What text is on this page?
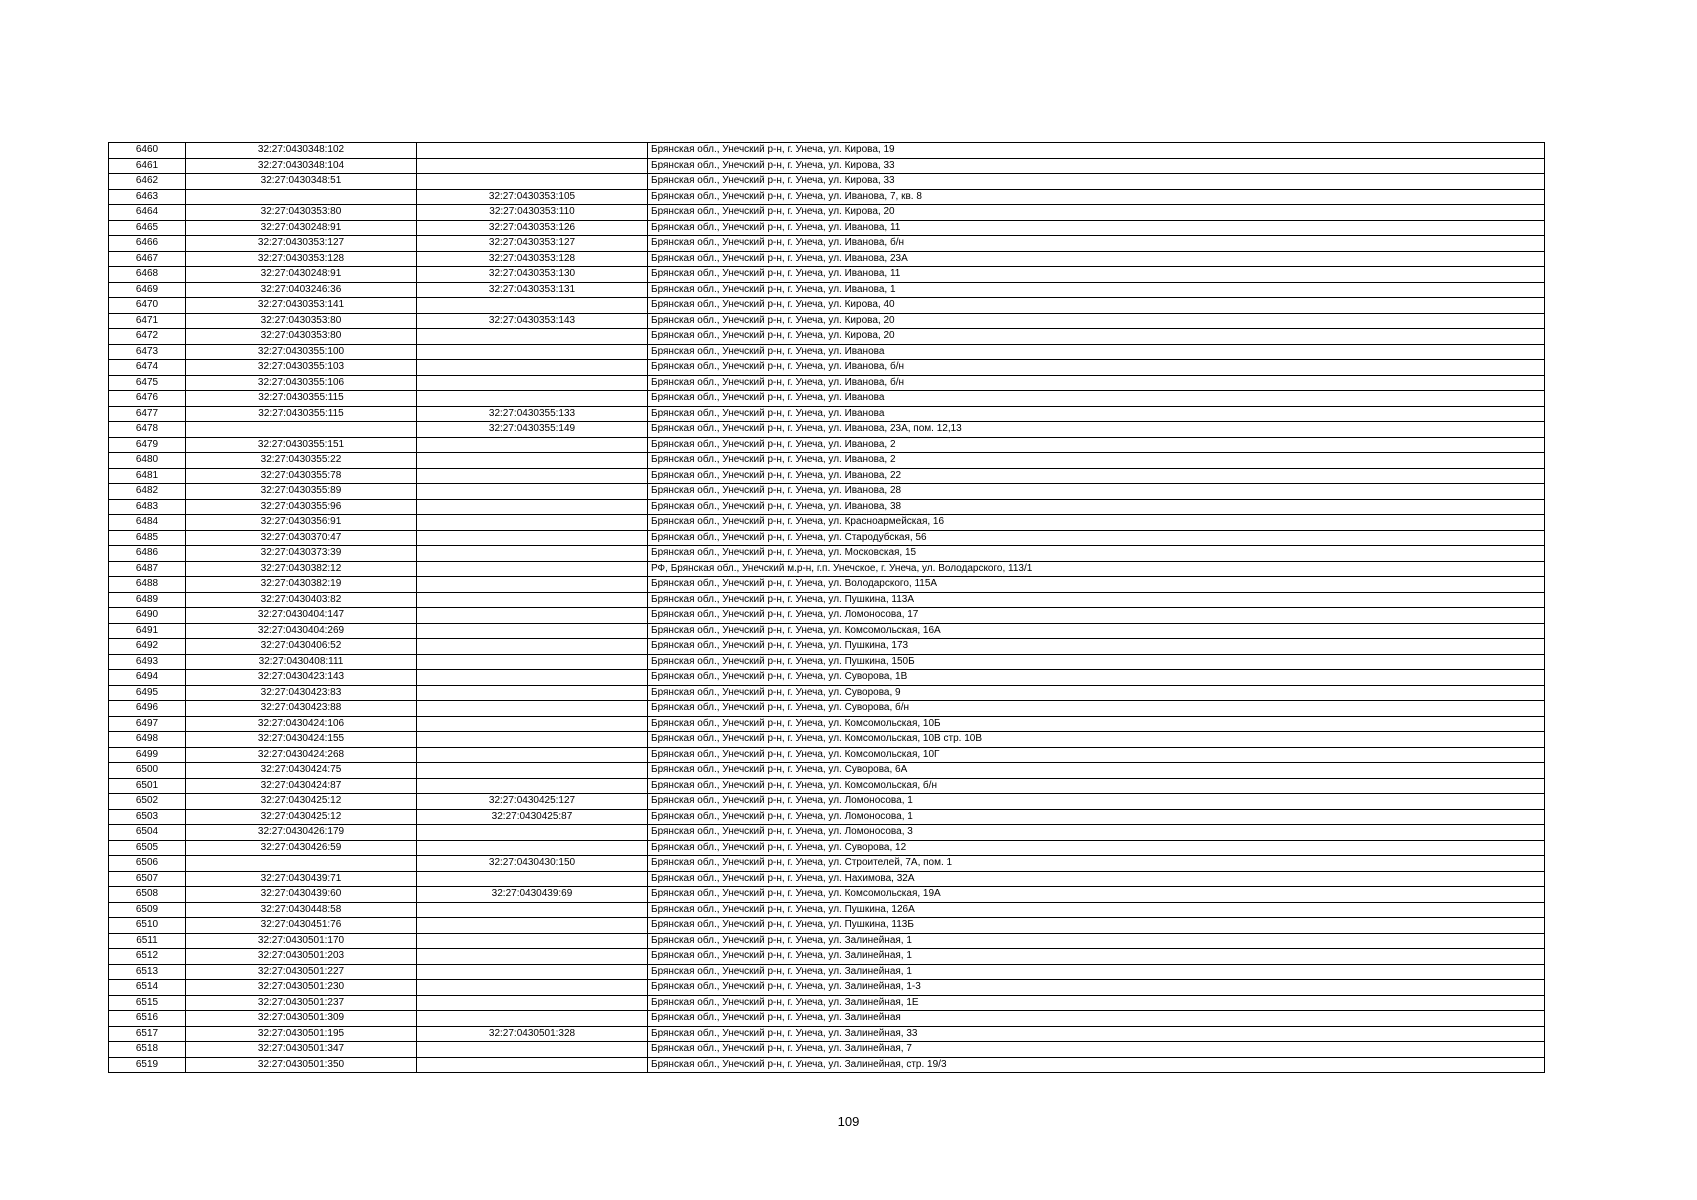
6460	32:27:0430348:102		Брянская обл., Унечский р-н, г. Унеча, ул. Кирова, 19
6461	32:27:0430348:104		Брянская обл., Унечский р-н, г. Унеча, ул. Кирова, 33
6462	32:27:0430348:51		Брянская обл., Унечский р-н, г. Унеча, ул. Кирова, 33
6463		32:27:0430353:105	Брянская обл., Унечский р-н, г. Унеча, ул. Иванова, 7, кв. 8
6464	32:27:0430353:80	32:27:0430353:110	Брянская обл., Унечский р-н, г. Унеча, ул. Кирова, 20
6465	32:27:0430248:91	32:27:0430353:126	Брянская обл., Унечский р-н, г. Унеча, ул. Иванова, 11
6466	32:27:0430353:127	32:27:0430353:127	Брянская обл., Унечский р-н, г. Унеча, ул. Иванова, б/н
6467	32:27:0430353:128	32:27:0430353:128	Брянская обл., Унечский р-н, г. Унеча, ул. Иванова, 23А
6468	32:27:0430248:91	32:27:0430353:130	Брянская обл., Унечский р-н, г. Унеча, ул. Иванова, 11
6469	32:27:0403246:36	32:27:0430353:131	Брянская обл., Унечский р-н, г. Унеча, ул. Иванова, 1
6470	32:27:0430353:141		Брянская обл., Унечский р-н, г. Унеча, ул. Кирова, 40
6471	32:27:0430353:80	32:27:0430353:143	Брянская обл., Унечский р-н, г. Унеча, ул. Кирова, 20
6472	32:27:0430353:80		Брянская обл., Унечский р-н, г. Унеча, ул. Кирова, 20
6473	32:27:0430355:100		Брянская обл., Унечский р-н, г. Унеча, ул. Иванова
6474	32:27:0430355:103		Брянская обл., Унечский р-н, г. Унеча, ул. Иванова, б/н
6475	32:27:0430355:106		Брянская обл., Унечский р-н, г. Унеча, ул. Иванова, б/н
6476	32:27:0430355:115		Брянская обл., Унечский р-н, г. Унеча, ул. Иванова
6477	32:27:0430355:115	32:27:0430355:133	Брянская обл., Унечский р-н, г. Унеча, ул. Иванова
6478		32:27:0430355:149	Брянская обл., Унечский р-н, г. Унеча, ул. Иванова, 23А, пом. 12,13
6479	32:27:0430355:151		Брянская обл., Унечский р-н, г. Унеча, ул. Иванова, 2
6480	32:27:0430355:22		Брянская обл., Унечский р-н, г. Унеча, ул. Иванова, 2
6481	32:27:0430355:78		Брянская обл., Унечский р-н, г. Унеча, ул. Иванова, 22
6482	32:27:0430355:89		Брянская обл., Унечский р-н, г. Унеча, ул. Иванова, 28
6483	32:27:0430355:96		Брянская обл., Унечский р-н, г. Унеча, ул. Иванова, 38
6484	32:27:0430356:91		Брянская обл., Унечский р-н, г. Унеча, ул. Красноармейская, 16
6485	32:27:0430370:47		Брянская обл., Унечский р-н, г. Унеча, ул. Стародубская, 56
6486	32:27:0430373:39		Брянская обл., Унечский р-н, г. Унеча, ул. Московская, 15
6487	32:27:0430382:12		РФ, Брянская обл., Унечский м.р-н, г.п. Унечское, г. Унеча, ул. Володарского, 113/1
6488	32:27:0430382:19		Брянская обл., Унечский р-н, г. Унеча, ул. Володарского, 115А
6489	32:27:0430403:82		Брянская обл., Унечский р-н, г. Унеча, ул. Пушкина, 113А
6490	32:27:0430404:147		Брянская обл., Унечский р-н, г. Унеча, ул. Ломоносова, 17
6491	32:27:0430404:269		Брянская обл., Унечский р-н, г. Унеча, ул. Комсомольская, 16А
6492	32:27:0430406:52		Брянская обл., Унечский р-н, г. Унеча, ул. Пушкина, 173
6493	32:27:0430408:111		Брянская обл., Унечский р-н, г. Унеча, ул. Пушкина, 150Б
6494	32:27:0430423:143		Брянская обл., Унечский р-н, г. Унеча, ул. Суворова, 1В
6495	32:27:0430423:83		Брянская обл., Унечский р-н, г. Унеча, ул. Суворова, 9
6496	32:27:0430423:88		Брянская обл., Унечский р-н, г. Унеча, ул. Суворова, б/н
6497	32:27:0430424:106		Брянская обл., Унечский р-н, г. Унеча, ул. Комсомольская, 10Б
6498	32:27:0430424:155		Брянская обл., Унечский р-н, г. Унеча, ул. Комсомольская, 10В стр. 10В
6499	32:27:0430424:268		Брянская обл., Унечский р-н, г. Унеча, ул. Комсомольская, 10Г
6500	32:27:0430424:75		Брянская обл., Унечский р-н, г. Унеча, ул. Суворова, 6А
6501	32:27:0430424:87		Брянская обл., Унечский р-н, г. Унеча, ул. Комсомольская, б/н
6502	32:27:0430425:12	32:27:0430425:127	Брянская обл., Унечский р-н, г. Унеча, ул. Ломоносова, 1
6503	32:27:0430425:12	32:27:0430425:87	Брянская обл., Унечский р-н, г. Унеча, ул. Ломоносова, 1
6504	32:27:0430426:179		Брянская обл., Унечский р-н, г. Унеча, ул. Ломоносова, 3
6505	32:27:0430426:59		Брянская обл., Унечский р-н, г. Унеча, ул. Суворова, 12
6506		32:27:0430430:150	Брянская обл., Унечский р-н, г. Унеча, ул. Строителей, 7А, пом. 1
6507	32:27:0430439:71		Брянская обл., Унечский р-н, г. Унеча, ул. Нахимова, 32А
6508	32:27:0430439:60	32:27:0430439:69	Брянская обл., Унечский р-н, г. Унеча, ул. Комсомольская, 19А
6509	32:27:0430448:58		Брянская обл., Унечский р-н, г. Унеча, ул. Пушкина, 126А
6510	32:27:0430451:76		Брянская обл., Унечский р-н, г. Унеча, ул. Пушкина, 113Б
6511	32:27:0430501:170		Брянская обл., Унечский р-н, г. Унеча, ул. Залинейная, 1
6512	32:27:0430501:203		Брянская обл., Унечский р-н, г. Унеча, ул. Залинейная, 1
6513	32:27:0430501:227		Брянская обл., Унечский р-н, г. Унеча, ул. Залинейная, 1
6514	32:27:0430501:230		Брянская обл., Унечский р-н, г. Унеча, ул. Залинейная, 1-3
6515	32:27:0430501:237		Брянская обл., Унечский р-н, г. Унеча, ул. Залинейная, 1Е
6516	32:27:0430501:309		Брянская обл., Унечский р-н, г. Унеча, ул. Залинейная
6517	32:27:0430501:195	32:27:0430501:328	Брянская обл., Унечский р-н, г. Унеча, ул. Залинейная, 33
6518	32:27:0430501:347		Брянская обл., Унечский р-н, г. Унеча, ул. Залинейная, 7
6519	32:27:0430501:350		Брянская обл., Унечский р-н, г. Унеча, ул. Залинейная, стр. 19/3
109
